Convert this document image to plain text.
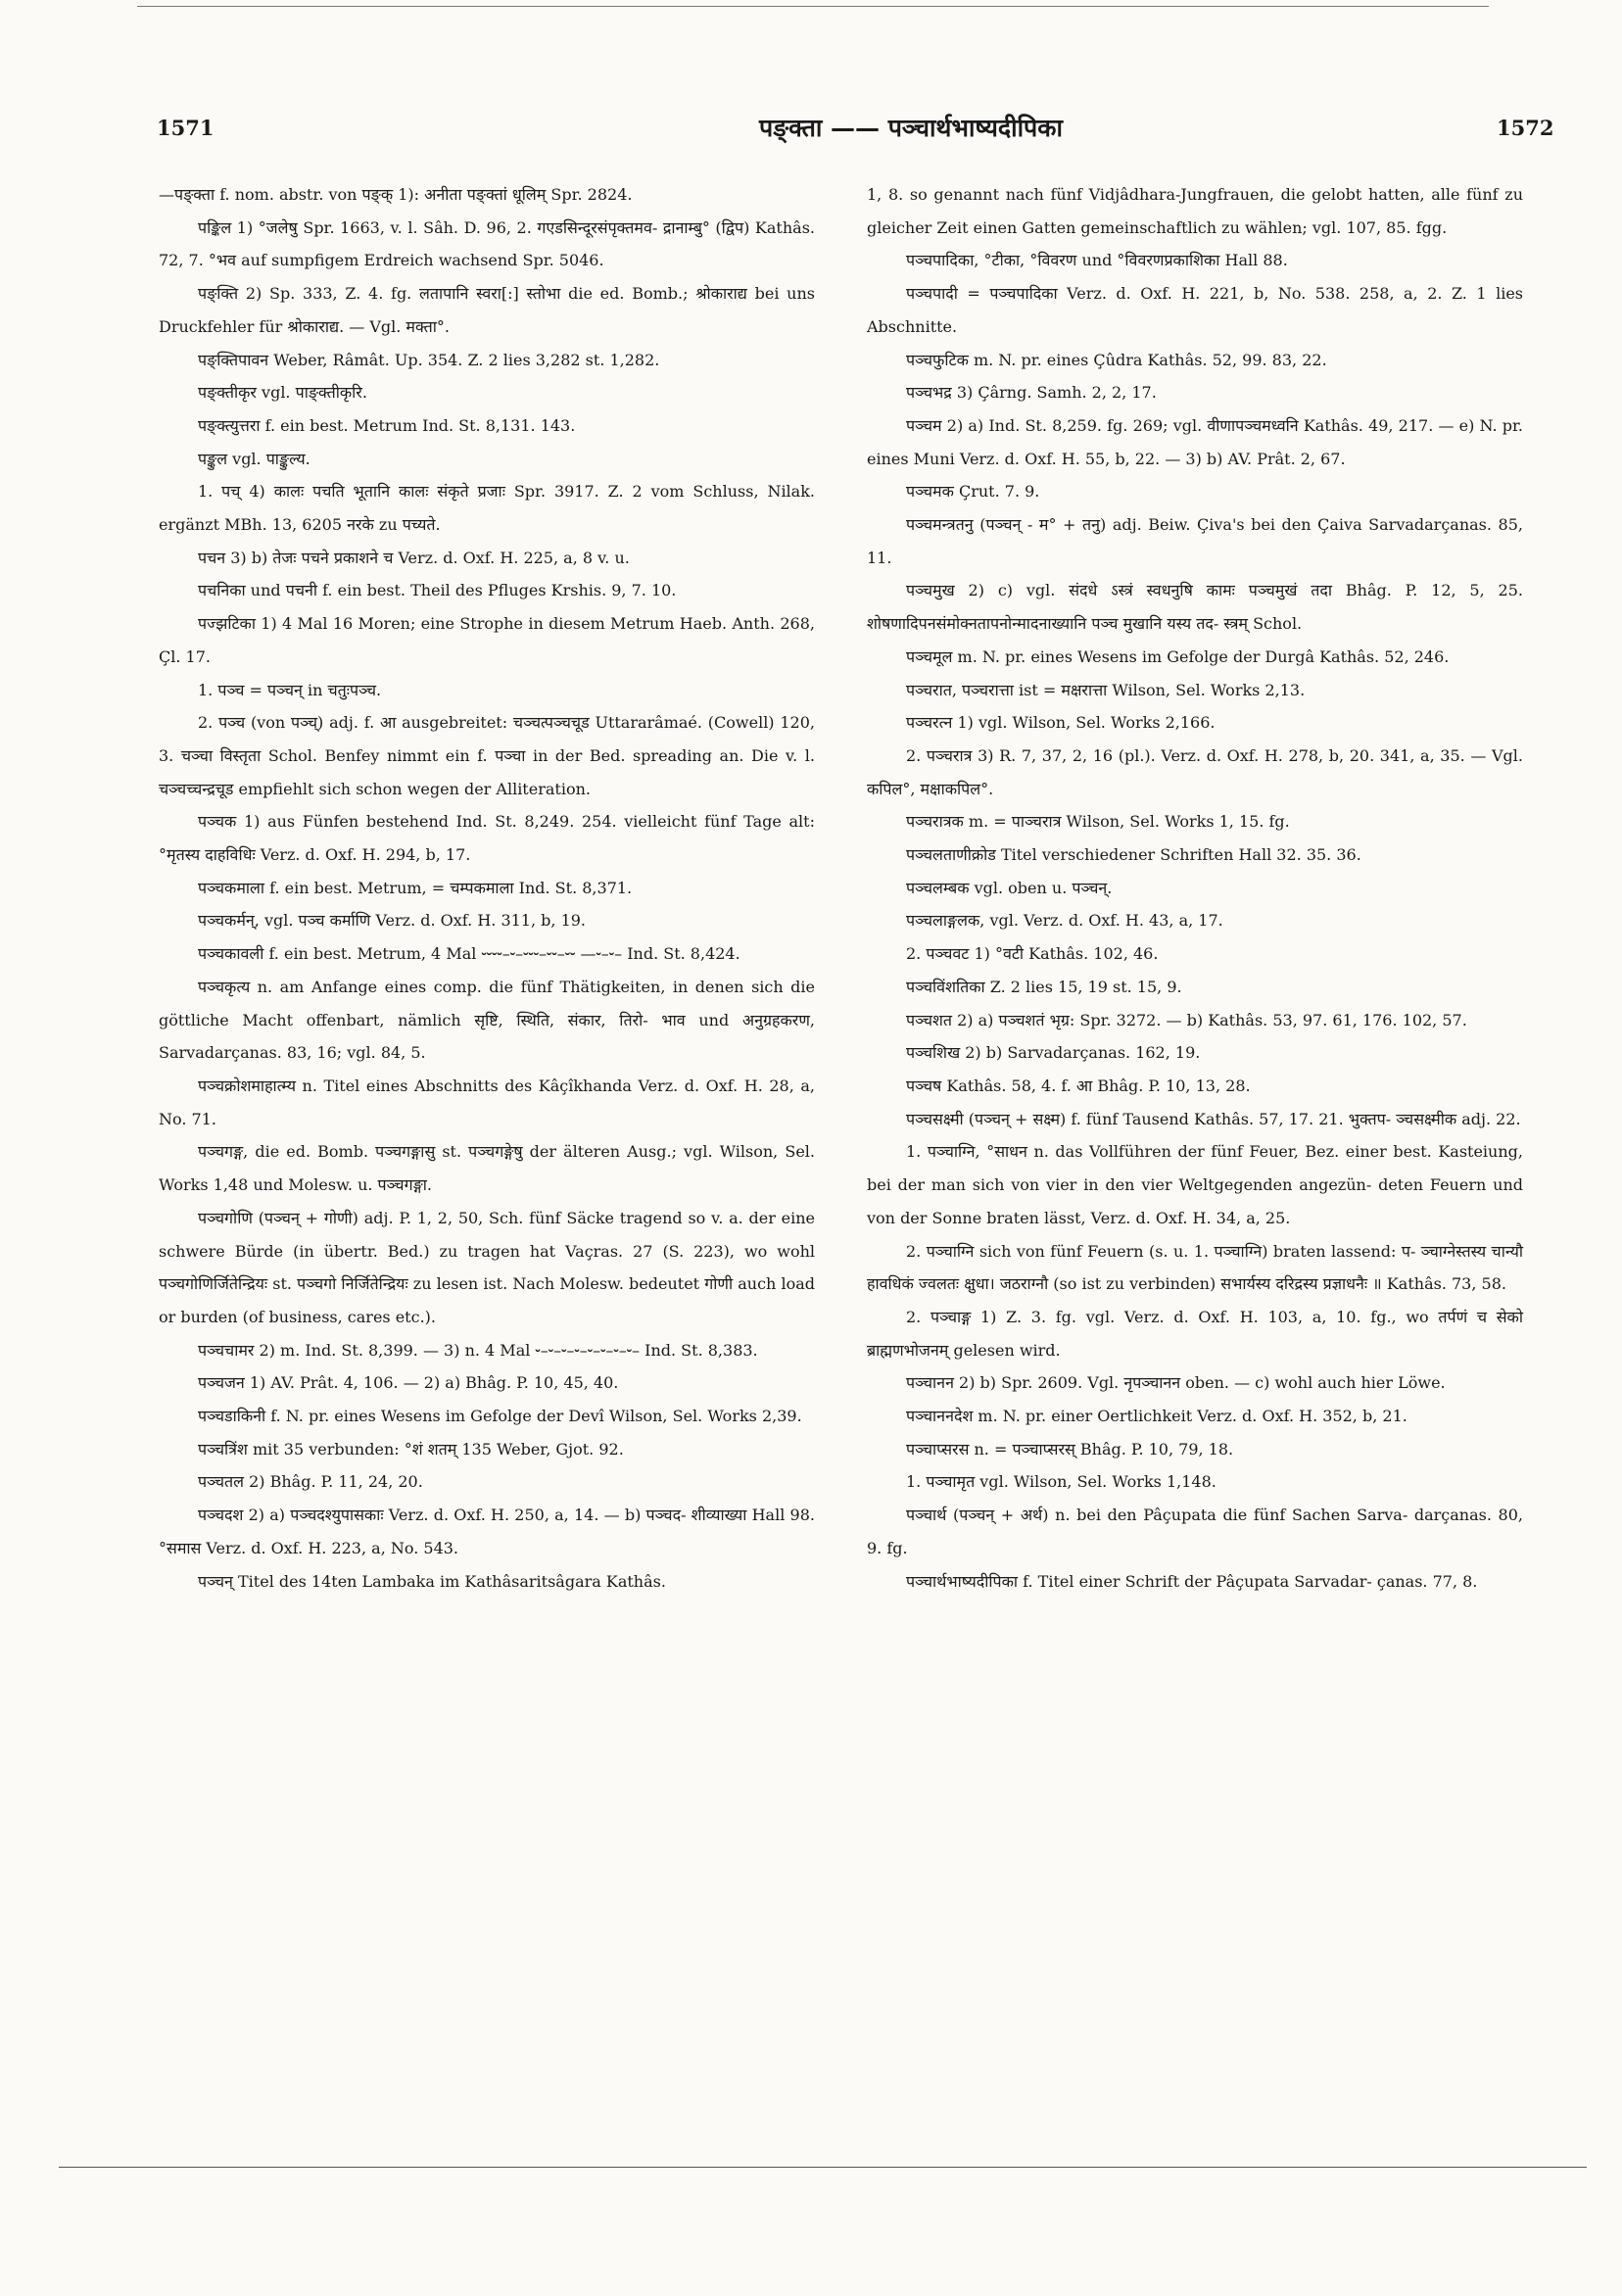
1571	पङ्क्ता —— पञ्चार्थभाष्यदीपिका	1572

—पङ्क्ता f. nom. abstr. von पङ्क् 1): अनीता पङ्क्तां धूलिम् Spr. 2824.

पङ्किल 1) °जलेषु Spr. 1663, v. l. Sâh. D. 96, 2. गएडसिन्दूरसंपृक्तमव- द्रानाम्बु° (द्विप) Kathâs. 72, 7. °भव auf sumpfigem Erdreich wachsend Spr. 5046.

पङ्क्ति 2) Sp. 333, Z. 4. fg. लतापानि स्वरा[:] स्तोभा die ed. Bomb.; श्रोकाराद्य bei uns Druckfehler für श्रोकाराद्य. — Vgl. मक्ता°.

पङ्क्तिपावन Weber, Râmât. Up. 354. Z. 2 lies 3,282 st. 1,282.

पङ्क्तीकृर vgl. पाङ्क्तीकृरि.

पङ्क्त्युत्तरा f. ein best. Metrum Ind. St. 8,131. 143.

पङ्कुल vgl. पाङ्कुल्य.

1. पच् 4) कालः पचति भूतानि कालः संकृते प्रजाः Spr. 3917. Z. 2 vom Schluss, Nilak. ergänzt MBh. 13, 6205 नरके zu पच्यते.

पचन 3) b) तेजः पचने प्रकाशने च Verz. d. Oxf. H. 225, a, 8 v. u.

पचनिका und पचनी f. ein best. Theil des Pfluges Krshis. 9, 7. 10.

पज्झटिका 1) 4 Mal 16 Moren; eine Strophe in diesem Metrum Haeb. Anth. 268, Çl. 17.

1. पञ्च = पञ्चन् in चतुःपञ्च.

2. पञ्च (von पञ्च्) adj. f. आ ausgebreitet: चञ्चत्पञ्चचूड Uttararâmaé. (Cowell) 120, 3. चञ्चा विस्तृता Schol. Benfey nimmt ein f. पञ्चा in der Bed. spreading an. Die v. l. चञ्चच्चन्द्रचूड empfiehlt sich schon wegen der Alliteration.

पञ्चक 1) aus Fünfen bestehend Ind. St. 8,249. 254. vielleicht fünf Tage alt: °मृतस्य दाहविधिः Verz. d. Oxf. H. 294, b, 17.

पञ्चकमाला f. ein best. Metrum, = चम्पकमाला Ind. St. 8,371.

पञ्चकर्मन्, vgl. पञ्च कर्माणि Verz. d. Oxf. H. 311, b, 19.

पञ्चकावली f. ein best. Metrum, 4 Mal ⏑⏑⏑⏑–⏑–⏑⏑⏑–⏑⏑–⏑⏑ —⏑–⏑– Ind. St. 8,424.

पञ्चकृत्य n. am Anfange eines comp. die fünf Thätigkeiten, in denen sich die göttliche Macht offenbart, nämlich सृष्टि, स्थिति, संकार, तिरो- भाव und अनुग्रहकरण, Sarvadarçanas. 83, 16; vgl. 84, 5.

पञ्चक्रोशमाहात्म्य n. Titel eines Abschnitts des Kâçîkhanda Verz. d. Oxf. H. 28, a, No. 71.

पञ्चगङ्ग, die ed. Bomb. पञ्चगङ्गासु st. पञ्चगङ्गेषु der älteren Ausg.; vgl. Wilson, Sel. Works 1,48 und Molesw. u. पञ्चगङ्गा.

पञ्चगोणि (पञ्चन् + गोणी) adj. P. 1, 2, 50, Sch. fünf Säcke tragend so v. a. der eine schwere Bürde (in übertr. Bed.) zu tragen hat Vaçras. 27 (S. 223), wo wohl पञ्चगोणिर्जितेन्द्रियः st. पञ्चगो निर्जितेन्द्रियः zu lesen ist. Nach Molesw. bedeutet गोणी auch load or burden (of business, cares etc.).

पञ्चचामर 2) m. Ind. St. 8,399. — 3) n. 4 Mal ⏑–⏑–⏑–⏑–⏑–⏑–⏑–⏑– Ind. St. 8,383.

पञ्चजन 1) AV. Prât. 4, 106. — 2) a) Bhâg. P. 10, 45, 40.

पञ्चडाकिनी f. N. pr. eines Wesens im Gefolge der Devî Wilson, Sel. Works 2,39.

पञ्चत्रिंश mit 35 verbunden: °शं शतम् 135 Weber, Gjot. 92.

पञ्चतल 2) Bhâg. P. 11, 24, 20.

पञ्चदश 2) a) पञ्चदश्युपासकाः Verz. d. Oxf. H. 250, a, 14. — b) पञ्चद- शीव्याख्या Hall 98. °समास Verz. d. Oxf. H. 223, a, No. 543.

पञ्चन् Titel des 14ten Lambaka im Kathâsaritsâgara Kathâs.

1, 8. so genannt nach fünf Vidjâdhara-Jungfrauen, die gelobt hatten, alle fünf zu gleicher Zeit einen Gatten gemeinschaftlich zu wählen; vgl. 107, 85. fgg.

पञ्चपादिका, °टीका, °विवरण und °विवरणप्रकाशिका Hall 88.

पञ्चपादी = पञ्चपादिका Verz. d. Oxf. H. 221, b, No. 538. 258, a, 2. Z. 1 lies Abschnitte.

पञ्चफुटिक m. N. pr. eines Çûdra Kathâs. 52, 99. 83, 22.

पञ्चभद्र 3) Çârng. Samh. 2, 2, 17.

पञ्चम 2) a) Ind. St. 8,259. fg. 269; vgl. वीणापञ्चमध्वनि Kathâs. 49, 217. — e) N. pr. eines Muni Verz. d. Oxf. H. 55, b, 22. — 3) b) AV. Prât. 2, 67.

पञ्चमक Çrut. 7. 9.

पञ्चमन्त्रतनु (पञ्चन् - म° + तनु) adj. Beiw. Çiva's bei den Çaiva Sarvadarçanas. 85, 11.

पञ्चमुख 2) c) vgl. संदधे ऽस्त्रं स्वधनुषि कामः पञ्चमुखं तदा Bhâg. P. 12, 5, 25. शोषणादिपनसंमोक्नतापनोन्मादनाख्यानि पञ्च मुखानि यस्य तद- स्त्रम् Schol.

पञ्चमूल m. N. pr. eines Wesens im Gefolge der Durgâ Kathâs. 52, 246.

पञ्चरात, पञ्चरात्ता ist = मक्षरात्ता Wilson, Sel. Works 2,13.

पञ्चरत्न 1) vgl. Wilson, Sel. Works 2,166.

2. पञ्चरात्र 3) R. 7, 37, 2, 16 (pl.). Verz. d. Oxf. H. 278, b, 20. 341, a, 35. — Vgl. कपिल°, मक्षाकपिल°.

पञ्चरात्रक m. = पाञ्चरात्र Wilson, Sel. Works 1, 15. fg.

पञ्चलताणीक्रोड Titel verschiedener Schriften Hall 32. 35. 36.

पञ्चलम्बक vgl. oben u. पञ्चन्.

पञ्चलाङ्गलक, vgl. Verz. d. Oxf. H. 43, a, 17.

2. पञ्चवट 1) °वटी Kathâs. 102, 46.

पञ्चविंशतिका Z. 2 lies 15, 19 st. 15, 9.

पञ्चशत 2) a) पञ्चशतं भृग्र: Spr. 3272. — b) Kathâs. 53, 97. 61, 176. 102, 57.

पञ्चशिख 2) b) Sarvadarçanas. 162, 19.

पञ्चष Kathâs. 58, 4. f. आ Bhâg. P. 10, 13, 28.

पञ्चसक्ष्मी (पञ्चन् + सक्ष्म) f. fünf Tausend Kathâs. 57, 17. 21. भुक्तप- ञ्चसक्ष्मीक adj. 22.

1. पञ्चाग्नि, °साधन n. das Vollführen der fünf Feuer, Bez. einer best. Kasteiung, bei der man sich von vier in den vier Weltgegenden angezün- deten Feuern und von der Sonne braten lässt, Verz. d. Oxf. H. 34, a, 25.

2. पञ्चाग्नि sich von fünf Feuern (s. u. 1. पञ्चाग्नि) braten lassend: प- ञ्चाग्नेस्तस्य चान्यौ हावधिकं ज्वलतः क्षुधा। जठराग्नौ (so ist zu verbinden) सभार्यस्य दरिद्रस्य प्रज्ञाधनैः ॥ Kathâs. 73, 58.

2. पञ्चाङ्ग 1) Z. 3. fg. vgl. Verz. d. Oxf. H. 103, a, 10. fg., wo तर्पणं च सेको ब्राह्मणभोजनम् gelesen wird.

पञ्चानन 2) b) Spr. 2609. Vgl. नृपञ्चानन oben. — c) wohl auch hier Löwe.

पञ्चाननदेश m. N. pr. einer Oertlichkeit Verz. d. Oxf. H. 352, b, 21.

पञ्चाप्सरस n. = पञ्चाप्सरस् Bhâg. P. 10, 79, 18.

1. पञ्चामृत vgl. Wilson, Sel. Works 1,148.

पञ्चार्थ (पञ्चन् + अर्थ) n. bei den Pâçupata die fünf Sachen Sarva- darçanas. 80, 9. fg.

पञ्चार्थभाष्यदीपिका f. Titel einer Schrift der Pâçupata Sarvadar- çanas. 77, 8.
